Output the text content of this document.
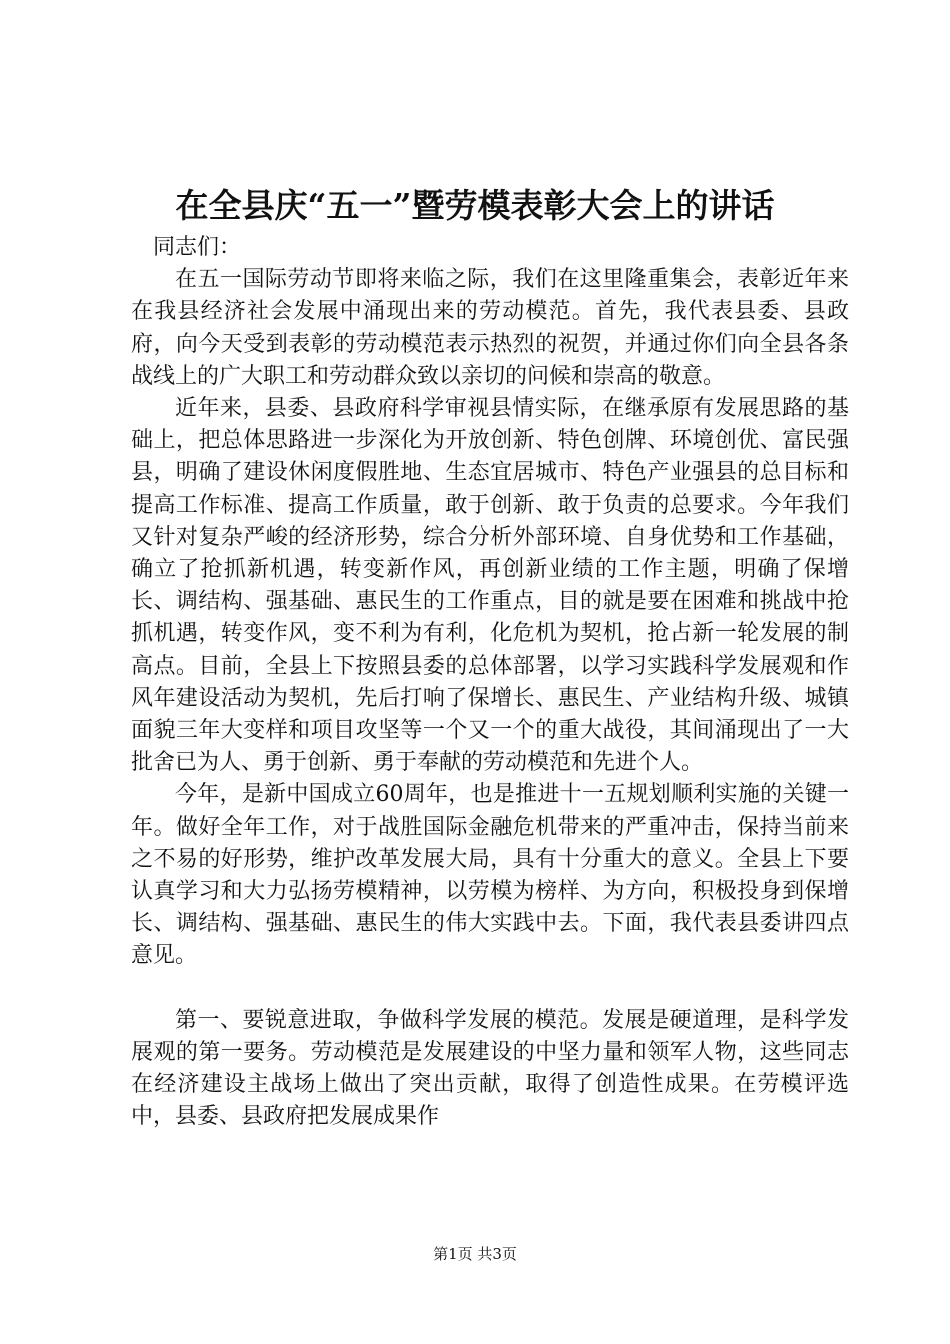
在全县庆“五一”暨劳模表彰大会上的讲话

同志们：

在五一国际劳动节即将来临之际，我们在这里隆重集会，表彰近年来在我县经济社会发展中涌现出来的劳动模范。首先，我代表县委、县政府，向今天受到表彰的劳动模范表示热烈的祝贺，并通过你们向全县各条战线上的广大职工和劳动群众致以亲切的问候和崇高的敬意。

近年来，县委、县政府科学审视县情实际，在继承原有发展思路的基础上，把总体思路进一步深化为开放创新、特色创牌、环境创优、富民强县，明确了建设休闲度假胜地、生态宜居城市、特色产业强县的总目标和提高工作标准、提高工作质量，敢于创新、敢于负责的总要求。今年我们又针对复杂严峻的经济形势，综合分析外部环境、自身优势和工作基础，确立了抢抓新机遇，转变新作风，再创新业绩的工作主题，明确了保增长、调结构、强基础、惠民生的工作重点，目的就是要在困难和挑战中抢抓机遇，转变作风，变不利为有利，化危机为契机，抢占新一轮发展的制高点。目前，全县上下按照县委的总体部署，以学习实践科学发展观和作风年建设活动为契机，先后打响了保增长、惠民生、产业结构升级、城镇面貌三年大变样和项目攻坚等一个又一个的重大战役，其间涌现出了一大批舍已为人、勇于创新、勇于奉献的劳动模范和先进个人。

今年，是新中国成立60周年，也是推进十一五规划顺利实施的关键一年。做好全年工作，对于战胜国际金融危机带来的严重冲击，保持当前来之不易的好形势，维护改革发展大局，具有十分重大的意义。全县上下要认真学习和大力弘扬劳模精神，以劳模为榜样、为方向，积极投身到保增长、调结构、强基础、惠民生的伟大实践中去。下面，我代表县委讲四点意见。

第一、要锐意进取，争做科学发展的模范。发展是硬道理，是科学发展观的第一要务。劳动模范是发展建设的中坚力量和领军人物，这些同志在经济建设主战场上做出了突出贡献，取得了创造性成果。在劳模评选中，县委、县政府把发展成果作

第1页 共3页
